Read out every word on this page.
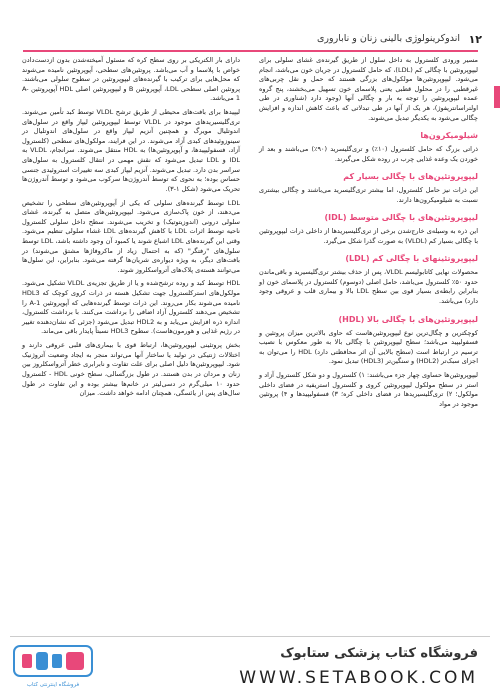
۱۲
اندوکرینولوژی بالینی زنان و ناباروری

مسیر ورودی کلسترول به داخل سلول از طریق گیرنده‌ی غشای سلولی برای لیپوپروتئین با چگالی کم (LDL)، که حامل کلسترول در جریان خون می‌باشد، انجام می‌شود. لیپوپروتئین‌ها مولکول‌های بزرگی هستند که حمل و نقل چربی‌های غیرقطبی را در محلول قطبی یعنی پلاسمای خون تسهیل می‌بخشند، پنج گروه عمده لیپوپروتئین را توجه به بار و چگالی آنها (وجود دارد (شناوری در طی اولتراسانتریفوژ)، هر یک از آنها در طی تبدلاتی که باعث کاهش اندازه و افزایش چگالی می‌شود به یکدیگر تبدیل می‌شوند.

شیلومیکرون‌ها

ذراتی بزرگ که حامل کلسترول (۱۰٪) و تری‌گلیسرید (۹۰٪) می‌باشند و بعد از خوردن یک وعده غذایی چرب در روده شکل می‌گیرند.

لیپوپروتئین‌های با چگالی بسیار کم

این ذرات نیز حامل کلسترول، اما بیشتر تری‌گلیسرید می‌باشند و چگالی بیشتری نسبت به شیلومیکرون‌ها دارند.

لیپوپروتئین‌های با چگالی متوسط (IDL)

این ذره به وسیله‌ی خارج‌شدن برخی از تری‌گلیسیریدها از داخلی ذرات لیپوپروتئین با چگالی بسیار کم (VLDL) به صورت گذرا شکل می‌گیرد.

لیپوپروتئینهای با چگالی کم (LDL)

محصولات نهایی کاتابولیسم VLDL، پس از حذف بیشتر تری‌گلیسیرید و باقی‌ماندن حدود ۵۰٪ کلسترول می‌باشد، حامل اصلی (دوسوم) کلسترول در پلاسمای خون (و بنابراین رابطه‌ی بسیار قوی بین سطح LDL بالا و بیماری قلب و عروقی وجود دارد) می‌باشد.

لیپوپروتئین‌های با چگالی بالا (HDL)

کوچکترین و چگال‌ترین نوع لیپوپروتئین‌هاست که حاوی بالاترین میزان پروتئین و فسفولیپید می‌باشد؛ سطح لیپوپروتئین با چگالی بالا به طور معکوس با نصیب ترسیم در ارتباط است (سطح بالایی آن اثر محافظتی دارد) HDL را می‌توان به اجزای سبک‌تر (HDL2) و سنگین‌تر (HDL3) تبدیل نمود.

لیپوپروتئین‌ها حساوی چهار جزء می‌باشند: ۱) کلسترول و دو شکل کلسترول آزاد و استر در سطح مولکول لیپوپروتئین کروی و کلسترول استریفیه در فضای داخلی مولکول؛ ۲) تری‌گلیسیریدها در فضای داخلی کره؛ ۳) فسفولیپیدها و ۴) پروتئین موجود در مواد

دارای بار الکتریکی بر روی سطح کره که مسئول آمیخته‌شدن بدون ازدست‌دادن خواص با پلاسما و آب می‌باشد. پروتئین‌های سطحی، آپوپروتئین نامیده می‌شوند که محل‌هایی برای ترکیب با گیرنده‌های لیپوپروتئین در سطوح سلولی می‌باشند. پروتئین اصلی سطحی LDL، آپوپروتئین B و لیپوپروتئین اصلی HDL آپوپروتئین A-1 می‌باشد.

لیپیدها برای بافت‌های محیطی از طریق ترشح VLDL توسط کبد تأمین می‌شوند. تری‌گلیسیریدهای موجود در VLDL توسط لیپوپروتئین لیپاز واقع در سلول‌های اندوتلیال مویرگ و همچنین آنزیم لیپاز واقع در سلول‌های اندوتلیال در سینوزوئیدهای کبدی آزاد می‌شوند. در این فرایند، مولکول‌های سطحی (کلسترول آزاد، فسفولیپیدها، و آپوپروتئین‌ها) به HDL منتقل می‌شوند. سرانجام، VLDL به IDL و LDL تبدیل می‌شود که نقش مهمی در انتقال کلسترول به سلول‌های سراسر بدن دارد. تبدیل می‌شوند. آنزیم لیپاز کبدی سه تغییرات استروئیدی جنسی حساس بوده؛ به نحوی که توسط آندروژن‌ها سرکوب می‌شود و توسط آندروژن‌ها تحریک می‌شود (شکل ۱-۳).

LDL توسط گیرنده‌های سلولی که یکی از آپوپروتئین‌های سطحی را تشخیص می‌دهند، از خون پاک‌سازی می‌شود. لیپوپروتئین‌های متصل به گیرنده، غشای سلولی درونی (اندوزیتوتیک) و تخریب می‌شوند. سطح داخل سلولی کلسترول ناحیه توسط اثرات LDL با کاهش گیرنده‌های LDL غشاء سلولی تنظیم می‌شود. وقتی این گیرنده‌های LDL اشباع شوند یا کمبود آن وجود داشته باشد، LDL توسط سلول‌های "رفتگر" (که به احتمال زیاد از ماکروفاژها مشتق می‌شوند) در بافت‌های دیگر، به ویژه دیواره‌ی شریان‌ها گرفته می‌شود. بنابراین، این سلول‌ها می‌توانند هسته‌ی پلاک‌های آترواسکلروز شوند.

HDL توسط کبد و روده ترشح‌شده و یا از طریق تجزیه‌ی VLDL تشکیل می‌شود. مولکول‌های استرکلسترول جهت تشکیل هسته در ذرات کروی کوچک که HDL3 نامیده می‌شوند بکار می‌روند. این ذرات توسط گیرنده‌هایی که آپوپروتئین A-1 را تشخیص می‌دهند کلسترول آزاد اضافی را برداشت می‌کنند. با برداشت کلسترول، اندازه ذره افزایش می‌یابد و به HDL2 تبدیل می‌شود (جزئی که نشان‌دهنده تغییر در رژیم غذایی و هورمون‌هاست). سطوح HDL3 نسبتاً پایدار باقی می‌ماند.

بخش پروتئینی لیپوپروتئین‌ها، ارتباط قوی با بیماری‌های قلبی عروقی دارند و اختلالات ژنتیکی در تولید یا ساختار آنها می‌تواند منجر به ایجاد وضعیت آتروژنیک شود. لیپوپروتئین‌ها دلیل اصلی برای علت تفاوت و نابرابری خطر آترواسکلروز بین زنان و مردان در بدن هستند. در طول بزرگسالی، سطح خونی HDL - کلسترول حدود ۱۰ میلی‌گرم در دسی‌لیتر در خانم‌ها بیشتر بوده و این تفاوت در طول سال‌های پس از یائسگی، همچنان ادامه خواهد داشت. میزان

فروشگاه اینترنتی کتاب
فروشگاه کتاب پزشکی ستابوک
WWW.SETABOOK.COM
